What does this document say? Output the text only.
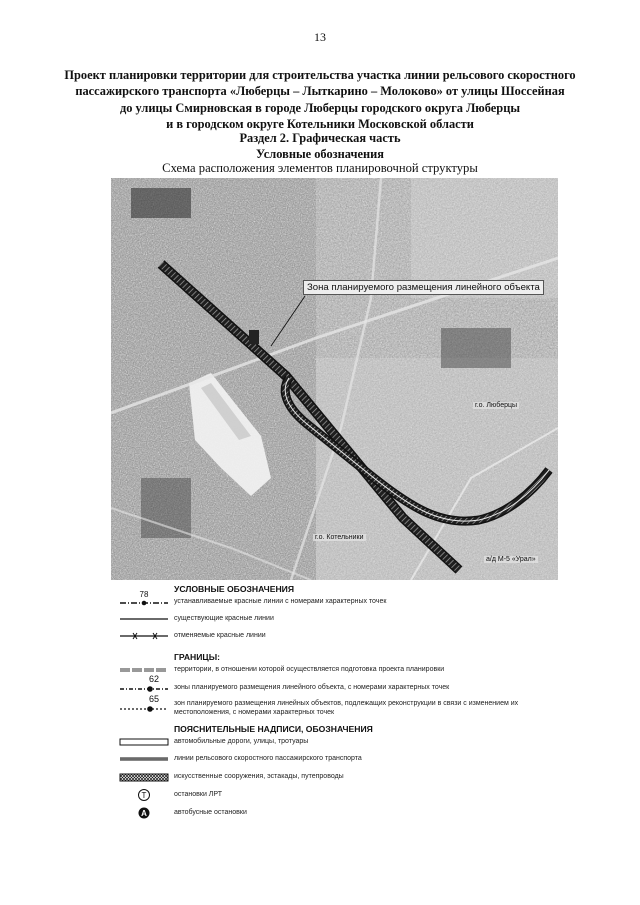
13
Проект планировки территории для строительства участка линии рельсового скоростного
пассажирского транспорта «Люберцы – Лыткарино – Молоково» от улицы Шоссейная
до улицы Смирновская в городе Люберцы городского округа Люберцы
и в городском округе Котельники Московской области
Раздел 2. Графическая часть
Условные обозначения
Схема расположения элементов планировочной структуры
Зона планируемого размещения линейного объекта
г.о. Люберцы
г.о. Котельники
а/д М-5 «Урал»
УСЛОВНЫЕ ОБОЗНАЧЕНИЯ
78
устанавливаемые красные линии с номерами характерных точек
существующие красные линии
отменяемые красные линии
ГРАНИЦЫ:
территории, в отношении которой осуществляется подготовка проекта планировки
62
зоны планируемого размещения линейного объекта, с номерами характерных точек
65 зон планируемого размещения линейных объектов, подлежащих реконструкции в связи с изменением их местоположения, с номерами характерных точек
ПОЯСНИТЕЛЬНЫЕ НАДПИСИ, ОБОЗНАЧЕНИЯ
автомобильные дороги, улицы, тротуары
линии рельсового скоростного пассажирского транспорта
искусственные сооружения, эстакады, путепроводы
Т	остановки ЛРТ
А	автобусные остановки
